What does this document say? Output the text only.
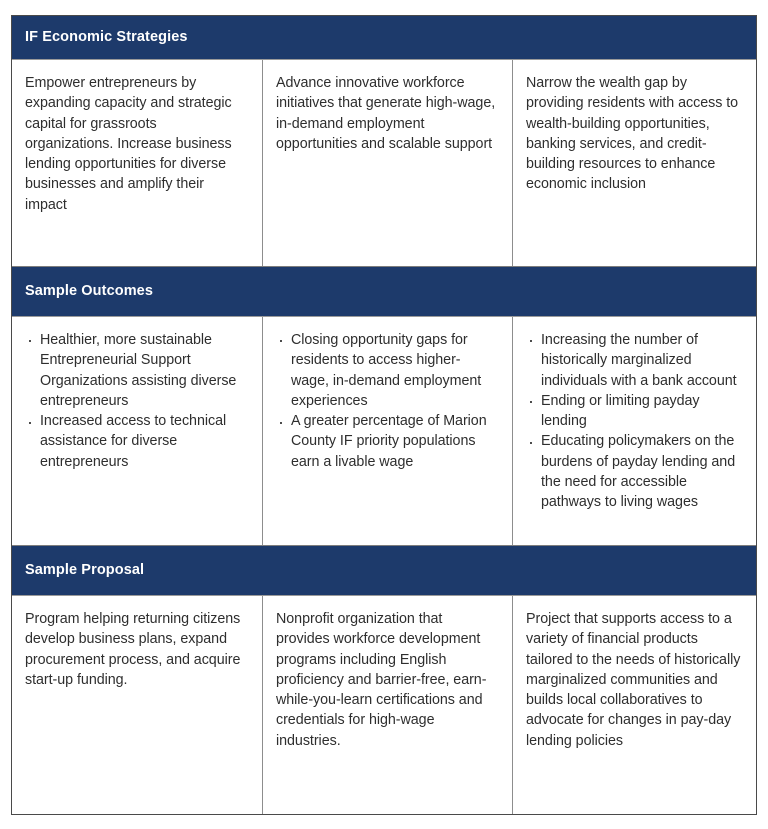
IF Economic Strategies

Empower entrepreneurs by expanding capacity and strategic capital for grassroots organizations. Increase business lending opportunities for diverse businesses and amplify their impact

Advance innovative workforce initiatives that generate high-wage, in-demand employment opportunities and scalable support

Narrow the wealth gap by providing residents with access to wealth-building opportunities, banking services, and credit-building resources to enhance economic inclusion

Sample Outcomes
· Healthier, more sustainable Entrepreneurial Support Organizations assisting diverse entrepreneurs
· Increased access to technical assistance for diverse entrepreneurs
· Closing opportunity gaps for residents to access higher-wage, in-demand employment experiences
· A greater percentage of Marion County IF priority populations earn a livable wage
· Increasing the number of historically marginalized individuals with a bank account
· Ending or limiting payday lending
· Educating policymakers on the burdens of payday lending and the need for accessible pathways to living wages
Sample Proposal

Program helping returning citizens develop business plans, expand procurement process, and acquire start-up funding.

Nonprofit organization that provides workforce development programs including English proficiency and barrier-free, earn-while-you-learn certifications and credentials for high-wage industries.

Project that supports access to a variety of financial products tailored to the needs of historically marginalized communities and builds local collaboratives to advocate for changes in pay-day lending policies
